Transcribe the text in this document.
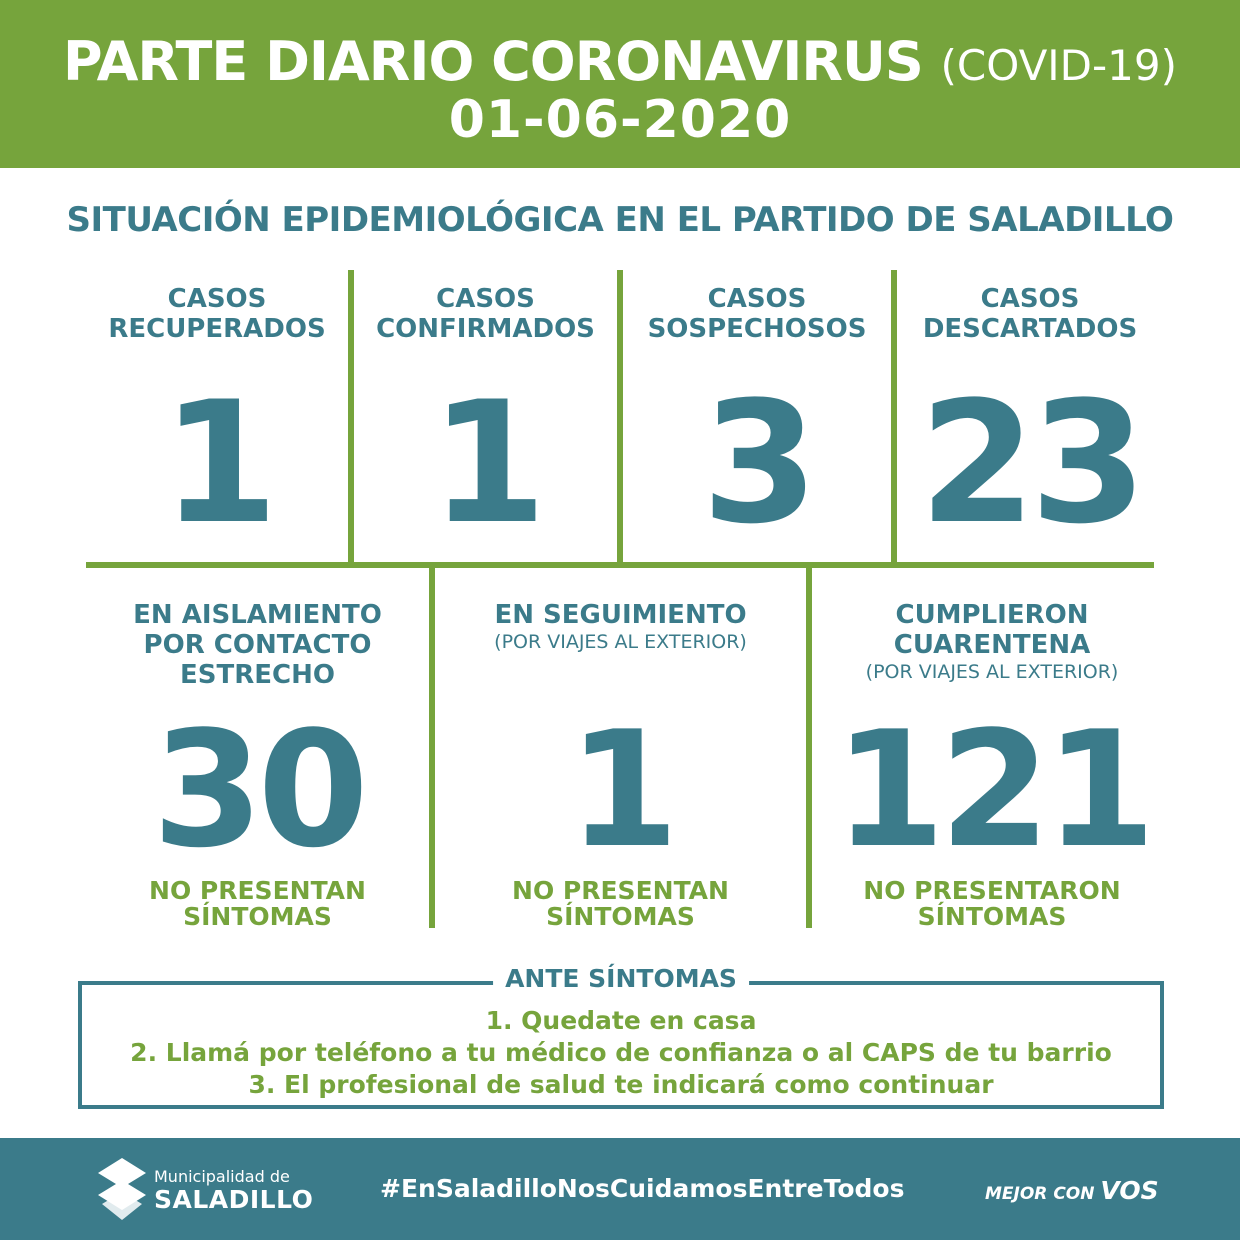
PARTE DIARIO CORONAVIRUS (COVID-19)
01-06-2020
SITUACIÓN EPIDEMIOLÓGICA EN EL PARTIDO DE SALADILLO
CASOS
RECUPERADOS
1
CASOS
CONFIRMADOS
1
CASOS
SOSPECHOSOS
3
CASOS
DESCARTADOS
23
EN AISLAMIENTO
POR CONTACTO
ESTRECHO
30
NO PRESENTAN
SÍNTOMAS
EN SEGUIMIENTO
(POR VIAJES AL EXTERIOR)
1
NO PRESENTAN
SÍNTOMAS
CUMPLIERON
CUARENTENA
(POR VIAJES AL EXTERIOR)
121
NO PRESENTARON
SÍNTOMAS
ANTE SÍNTOMAS
1. Quedate en casa
2. Llamá por teléfono a tu médico de confianza o al CAPS de tu barrio
3. El profesional de salud te indicará como continuar
Municipalidad de
SALADILLO	#EnSaladilloNosCuidamosEntreTodos	MEJOR CON VOS
